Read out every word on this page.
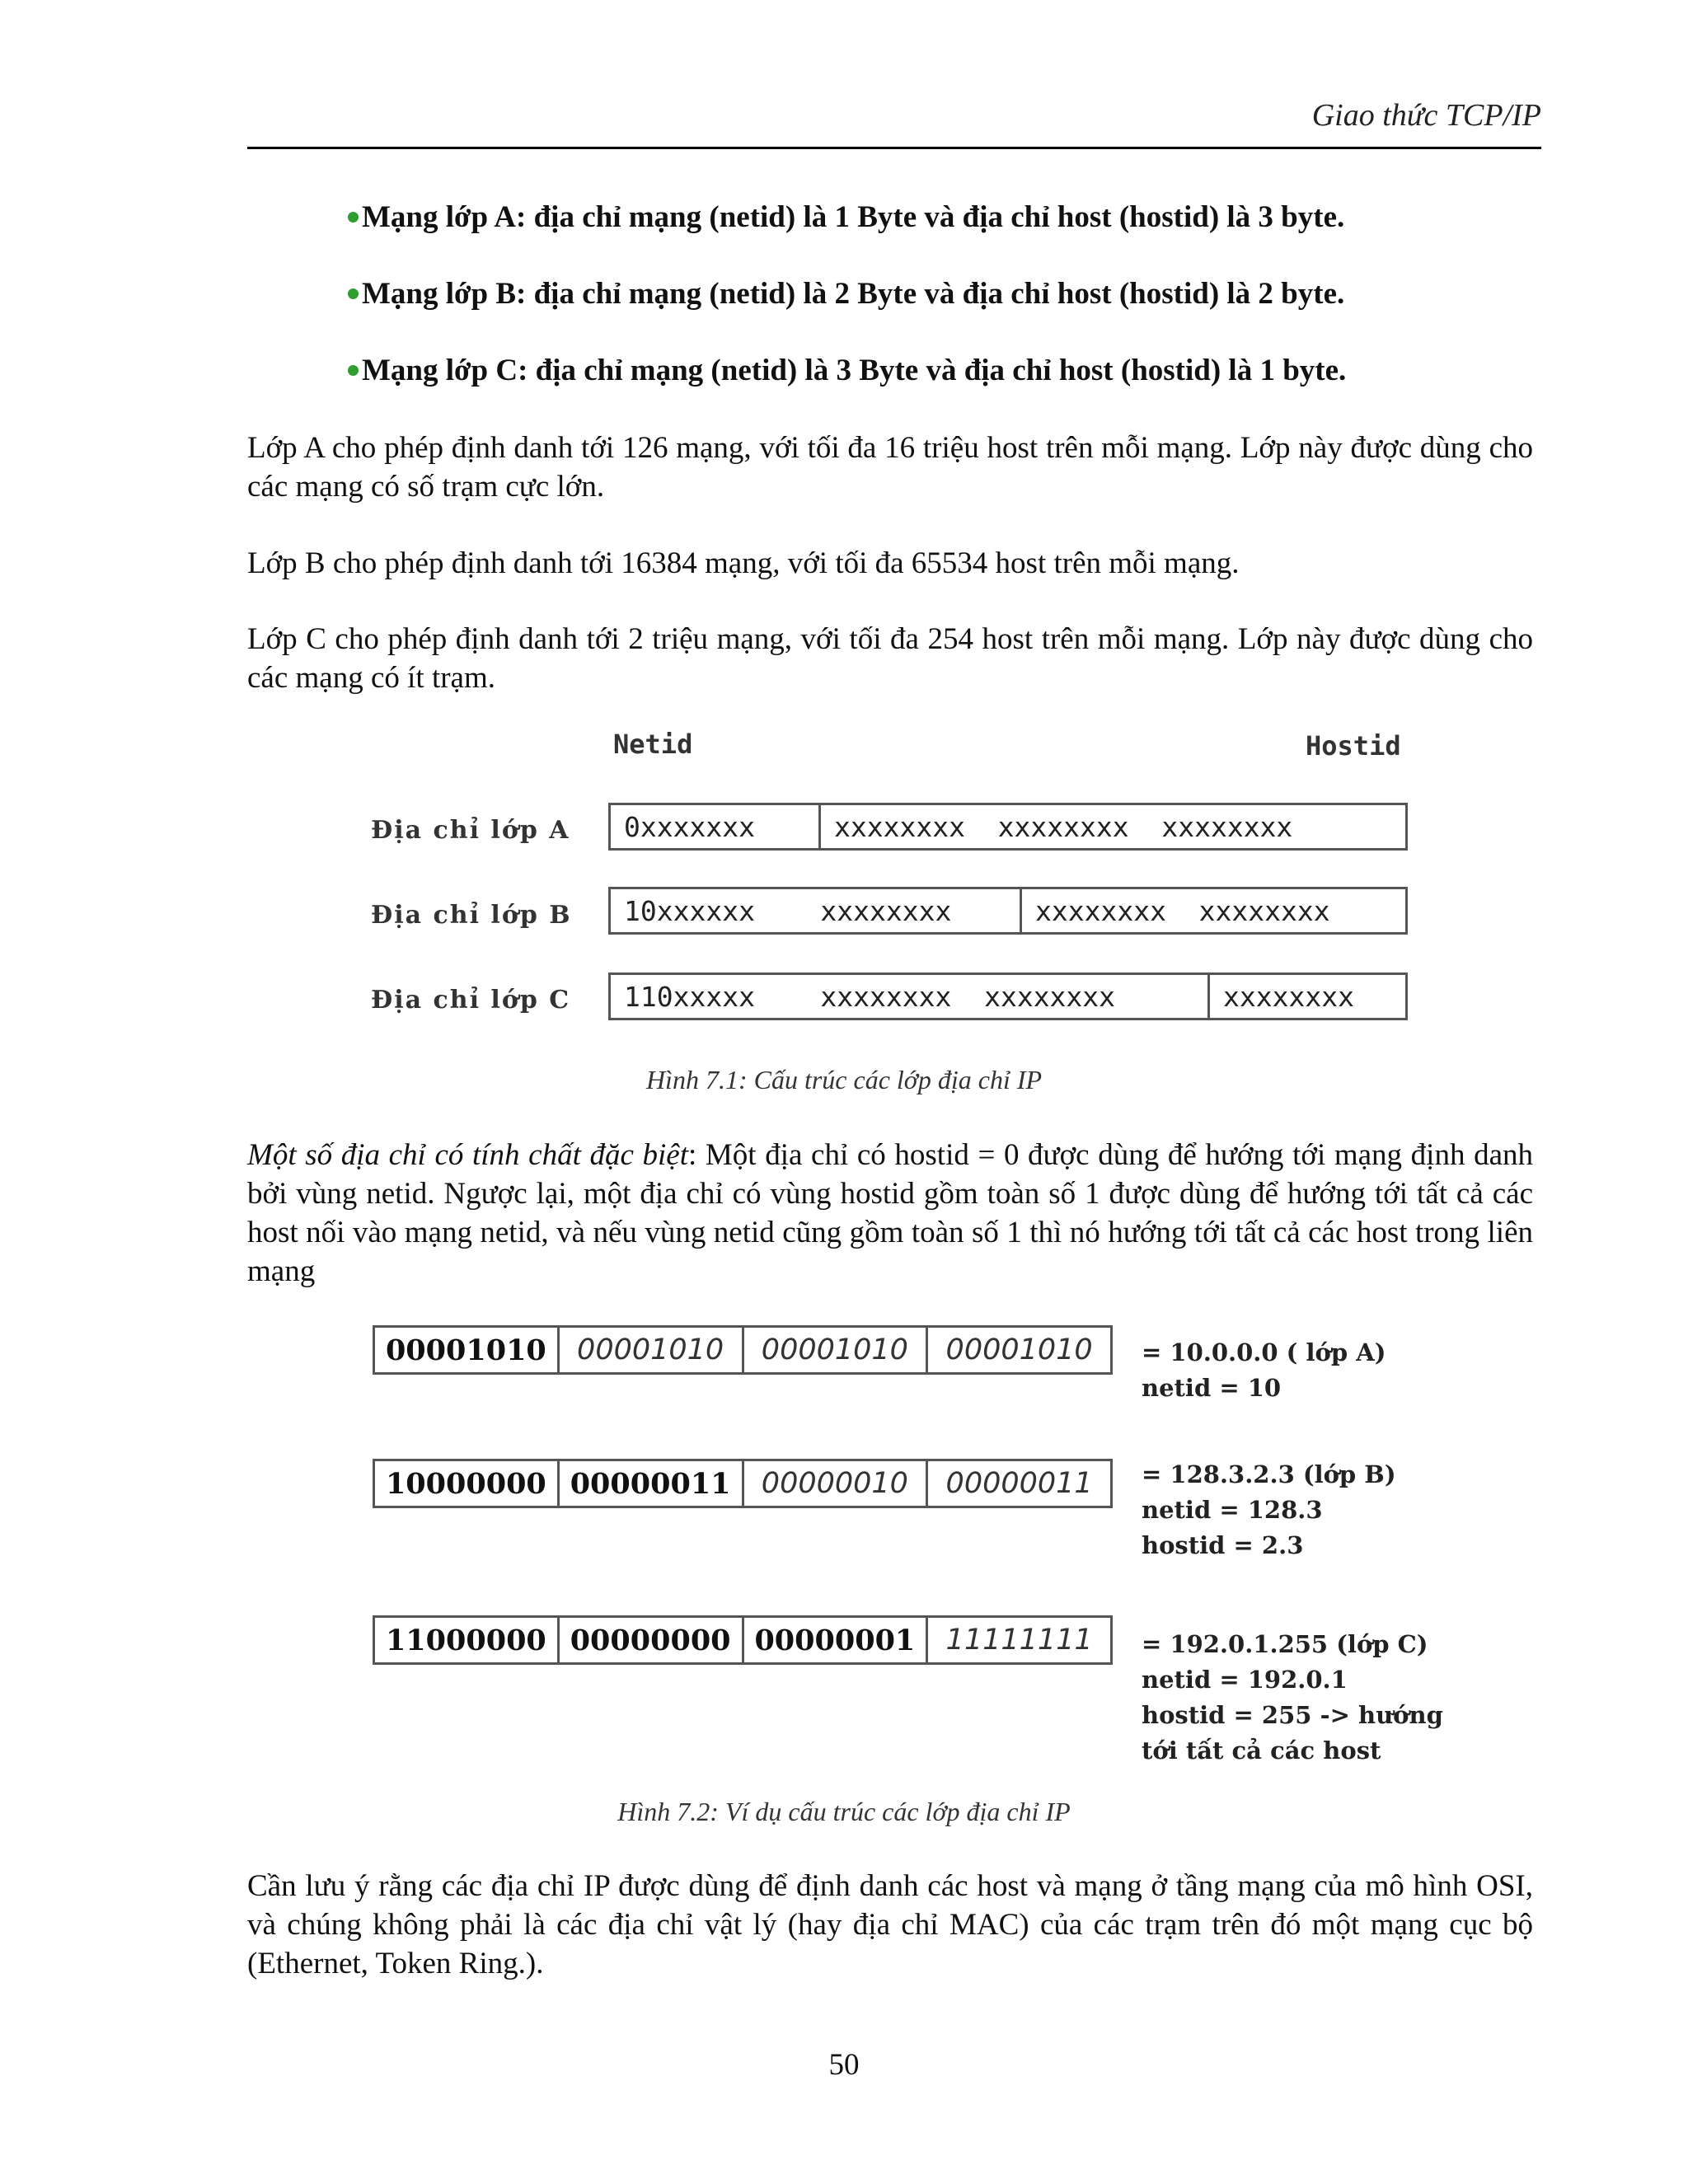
Giao thức TCP/IP
Mạng lớp A: địa chỉ mạng (netid) là 1 Byte và địa chỉ host (hostid) là 3 byte.
Mạng lớp B: địa chỉ mạng (netid) là 2 Byte và địa chỉ host (hostid) là 2 byte.
Mạng lớp C: địa chỉ mạng (netid) là 3 Byte và địa chỉ host (hostid) là 1 byte.
Lớp A cho phép định danh tới 126 mạng, với tối đa 16 triệu host trên mỗi mạng. Lớp này được dùng cho các mạng có số trạm cực lớn.
Lớp B cho phép định danh tới 16384 mạng, với tối đa 65534 host trên mỗi mạng.
Lớp C cho phép định danh tới 2 triệu mạng, với tối đa 254 host trên mỗi mạng. Lớp này được dùng cho các mạng có ít trạm.
Netid	Hostid
Địa chỉ lớp A	0xxxxxxx	xxxxxxxx  xxxxxxxx  xxxxxxxx
Địa chỉ lớp B	10xxxxxx    xxxxxxxx	xxxxxxxx  xxxxxxxx
Địa chỉ lớp C	110xxxxx    xxxxxxxx  xxxxxxxx	xxxxxxxx
Hình 7.1: Cấu trúc các lớp địa chỉ IP
Một số địa chỉ có tính chất đặc biệt: Một địa chỉ có hostid = 0 được dùng để hướng tới mạng định danh bởi vùng netid. Ngược lại, một địa chỉ có vùng hostid gồm toàn số 1 được dùng để hướng tới tất cả các host nối vào mạng netid, và nếu vùng netid cũng gồm toàn số 1 thì nó hướng tới tất cả các host trong liên mạng
00001010	00001010	00001010	00001010	= 10.0.0.0 ( lớp A)
netid = 10
10000000 00000011	00000010	00000011	= 128.3.2.3 (lớp B)
netid = 128.3
hostid = 2.3
11000000 00000000 00000001	11111111	= 192.0.1.255 (lớp C)
netid = 192.0.1
hostid = 255 -> hướng
tới tất cả các host
Hình 7.2: Ví dụ cấu trúc các lớp địa chỉ IP
Cần lưu ý rằng các địa chỉ IP được dùng để định danh các host và mạng ở tầng mạng của mô hình OSI, và chúng không phải là các địa chỉ vật lý (hay địa chỉ MAC) của các trạm trên đó một mạng cục bộ (Ethernet, Token Ring.).
50
